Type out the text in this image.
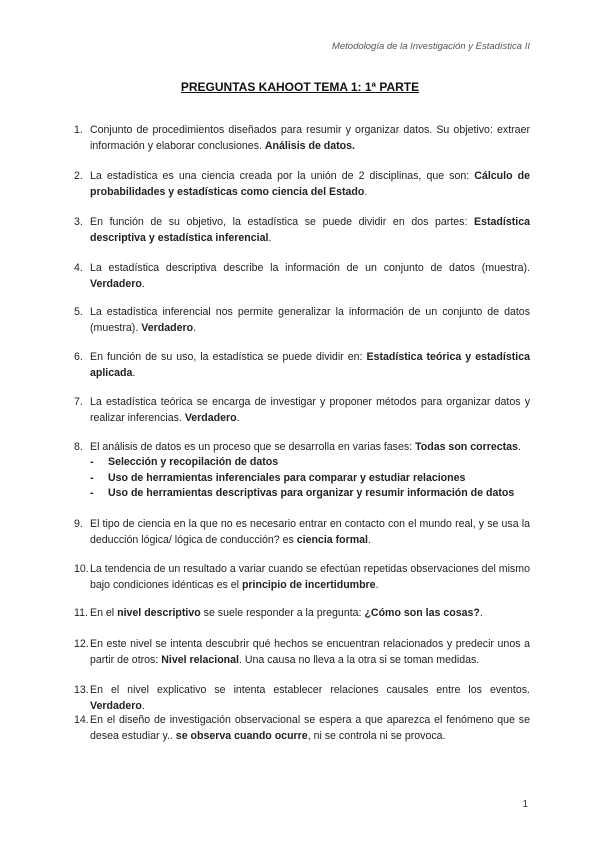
Metodología de la Investigación y Estadística II
PREGUNTAS KAHOOT TEMA 1: 1ª PARTE
1. Conjunto de procedimientos diseñados para resumir y organizar datos. Su objetivo: extraer información y elaborar conclusiones. Análisis de datos.
2. La estadística es una ciencia creada por la unión de 2 disciplinas, que son: Cálculo de probabilidades y estadísticas como ciencia del Estado.
3. En función de su objetivo, la estadística se puede dividir en dos partes: Estadística descriptiva y estadística inferencial.
4. La estadística descriptiva describe la información de un conjunto de datos (muestra). Verdadero.
5. La estadística inferencial nos permite generalizar la información de un conjunto de datos (muestra). Verdadero.
6. En función de su uso, la estadística se puede dividir en: Estadística teórica y estadística aplicada.
7. La estadística teórica se encarga de investigar y proponer métodos para organizar datos y realizar inferencias. Verdadero.
8. El análisis de datos es un proceso que se desarrolla en varias fases: Todas son correctas.
- Selección y recopilación de datos
- Uso de herramientas inferenciales para comparar y estudiar relaciones
- Uso de herramientas descriptivas para organizar y resumir información de datos
9. El tipo de ciencia en la que no es necesario entrar en contacto con el mundo real, y se usa la deducción lógica/ lógica de conducción? es ciencia formal.
10. La tendencia de un resultado a variar cuando se efectúan repetidas observaciones del mismo bajo condiciones idénticas es el principio de incertidumbre.
11. En el nivel descriptivo se suele responder a la pregunta: ¿Cómo son las cosas?.
12. En este nivel se intenta descubrir qué hechos se encuentran relacionados y predecir unos a partir de otros: Nivel relacional. Una causa no lleva a la otra si se toman medidas.
13. En el nivel explicativo se intenta establecer relaciones causales entre los eventos. Verdadero.
14. En el diseño de investigación observacional se espera a que aparezca el fenómeno que se desea estudiar y.. se observa cuando ocurre, ni se controla ni se provoca.
1
